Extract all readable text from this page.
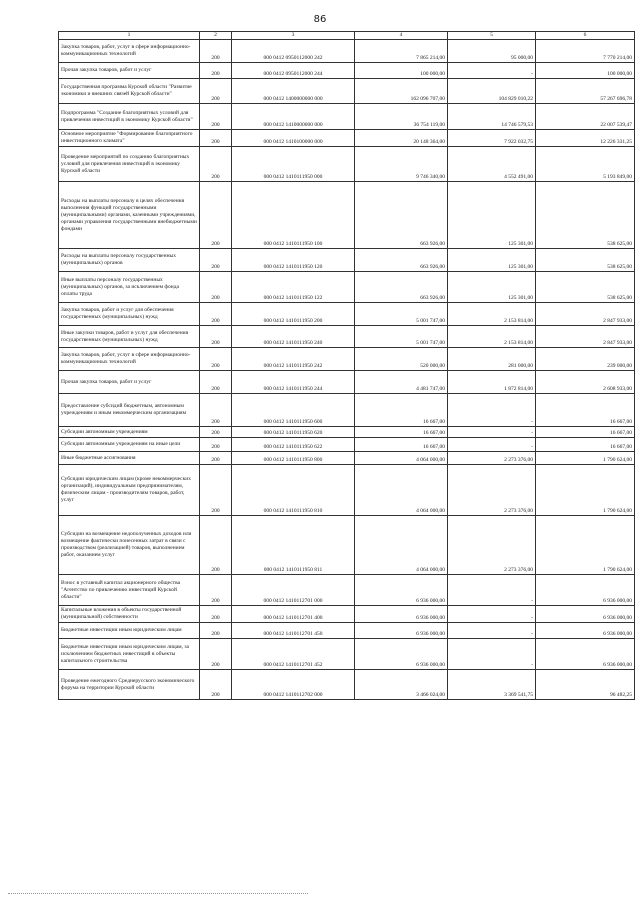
86
1	2	3	4	5	6
Закупка товаров, работ, услуг в сфере информационно-коммуникационных технологий	200	000 0412 0950112000 242	7 865 214,00	95 000,00	7 770 214,00
Прочая закупка товаров, работ и услуг	200	000 0412 0950112000 244	100 000,00	-	100 000,00
Государственная программа Курской области "Развитие экономики и внешних связей Курской области"	200	000 0412 1400000000 000	162 096 707,00	104 829 010,22	57 267 696,78
Подпрограмма "Создание благоприятных условий для привлечения инвестиций в экономику Курской области"	200	000 0412 1410000000 000	36 754 119,00	14 746 579,53	22 007 539,47
Основное мероприятие "Формирование благоприятного инвестиционного климата"	200	000 0412 1410100000 000	20 148 364,00	7 922 032,75	12 226 331,25
Проведение мероприятий по созданию благоприятных условий для привлечения инвестиций в экономику Курской области	200	000 0412 1410111950 000	9 746 340,00	4 552 491,00	5 193 849,00
Расходы на выплаты персоналу в целях обеспечения выполнения функций государственными (муниципальными) органами, казенными учреждениями, органами управления государственными внебюджетными фондами	200	000 0412 1410111950 100	663 926,00	125 301,00	538 625,00
Расходы на выплаты персоналу государственных (муниципальных) органов	200	000 0412 1410111950 120	663 926,00	125 301,00	538 625,00
Иные выплаты персоналу государственных (муниципальных) органов, за исключением фонда оплаты труда	200	000 0412 1410111950 122	663 926,00	125 301,00	538 625,00
Закупка товаров, работ и услуг для обеспечения государственных (муниципальных) нужд	200	000 0412 1410111950 200	5 001 747,00	2 153 814,00	2 847 933,00
Иные закупки товаров, работ и услуг для обеспечения государственных (муниципальных) нужд	200	000 0412 1410111950 240	5 001 747,00	2 153 814,00	2 847 933,00
Закупка товаров, работ, услуг в сфере информационно-коммуникационных технологий	200	000 0412 1410111950 242	520 000,00	281 000,00	239 000,00
Прочая закупка товаров, работ и услуг	200	000 0412 1410111950 244	4 481 747,00	1 872 814,00	2 608 933,00
Предоставление субсидий бюджетным, автономным учреждениям и иным некоммерческим организациям	200	000 0412 1410111950 600	16 667,00	-	16 667,00
Субсидии автономным учреждениям	200	000 0412 1410111950 620	16 667,00	-	16 667,00
Субсидии автономным учреждениям на иные цели	200	000 0412 1410111950 622	16 667,00	-	16 667,00
Иные бюджетные ассигнования	200	000 0412 1410111950 800	4 064 000,00	2 273 376,00	1 790 624,00
Субсидии юридическим лицам (кроме некоммерческих организаций), индивидуальным предпринимателям, физическим лицам - производителям товаров, работ, услуг	200	000 0412 1410111950 810	4 064 000,00	2 273 376,00	1 790 624,00
Субсидии на возмещение недополученных доходов или возмещение фактически понесенных затрат в связи с производством (реализацией) товаров, выполнением работ, оказанием услуг	200	000 0412 1410111950 811	4 064 000,00	2 273 376,00	1 790 624,00
Взнос в уставный капитал акционерного общества "Агентство по привлечению инвестиций Курской области"	200	000 0412 1410112701 000	6 936 000,00	-	6 936 000,00
Капитальные вложения в объекты государственной (муниципальной) собственности	200	000 0412 1410112701 400	6 936 000,00	-	6 936 000,00
Бюджетные инвестиции иным юридическим лицам	200	000 0412 1410112701 450	6 936 000,00	-	6 936 000,00
Бюджетные инвестиции иным юридическим лицам, за исключением бюджетных инвестиций в объекты капитального строительства	200	000 0412 1410112701 452	6 936 000,00	-	6 936 000,00
Проведение ежегодного Среднерусского экономического форума на территории Курской области	200	000 0412 1410112702 000	3 466 024,00	3 369 541,75	96 482,25
